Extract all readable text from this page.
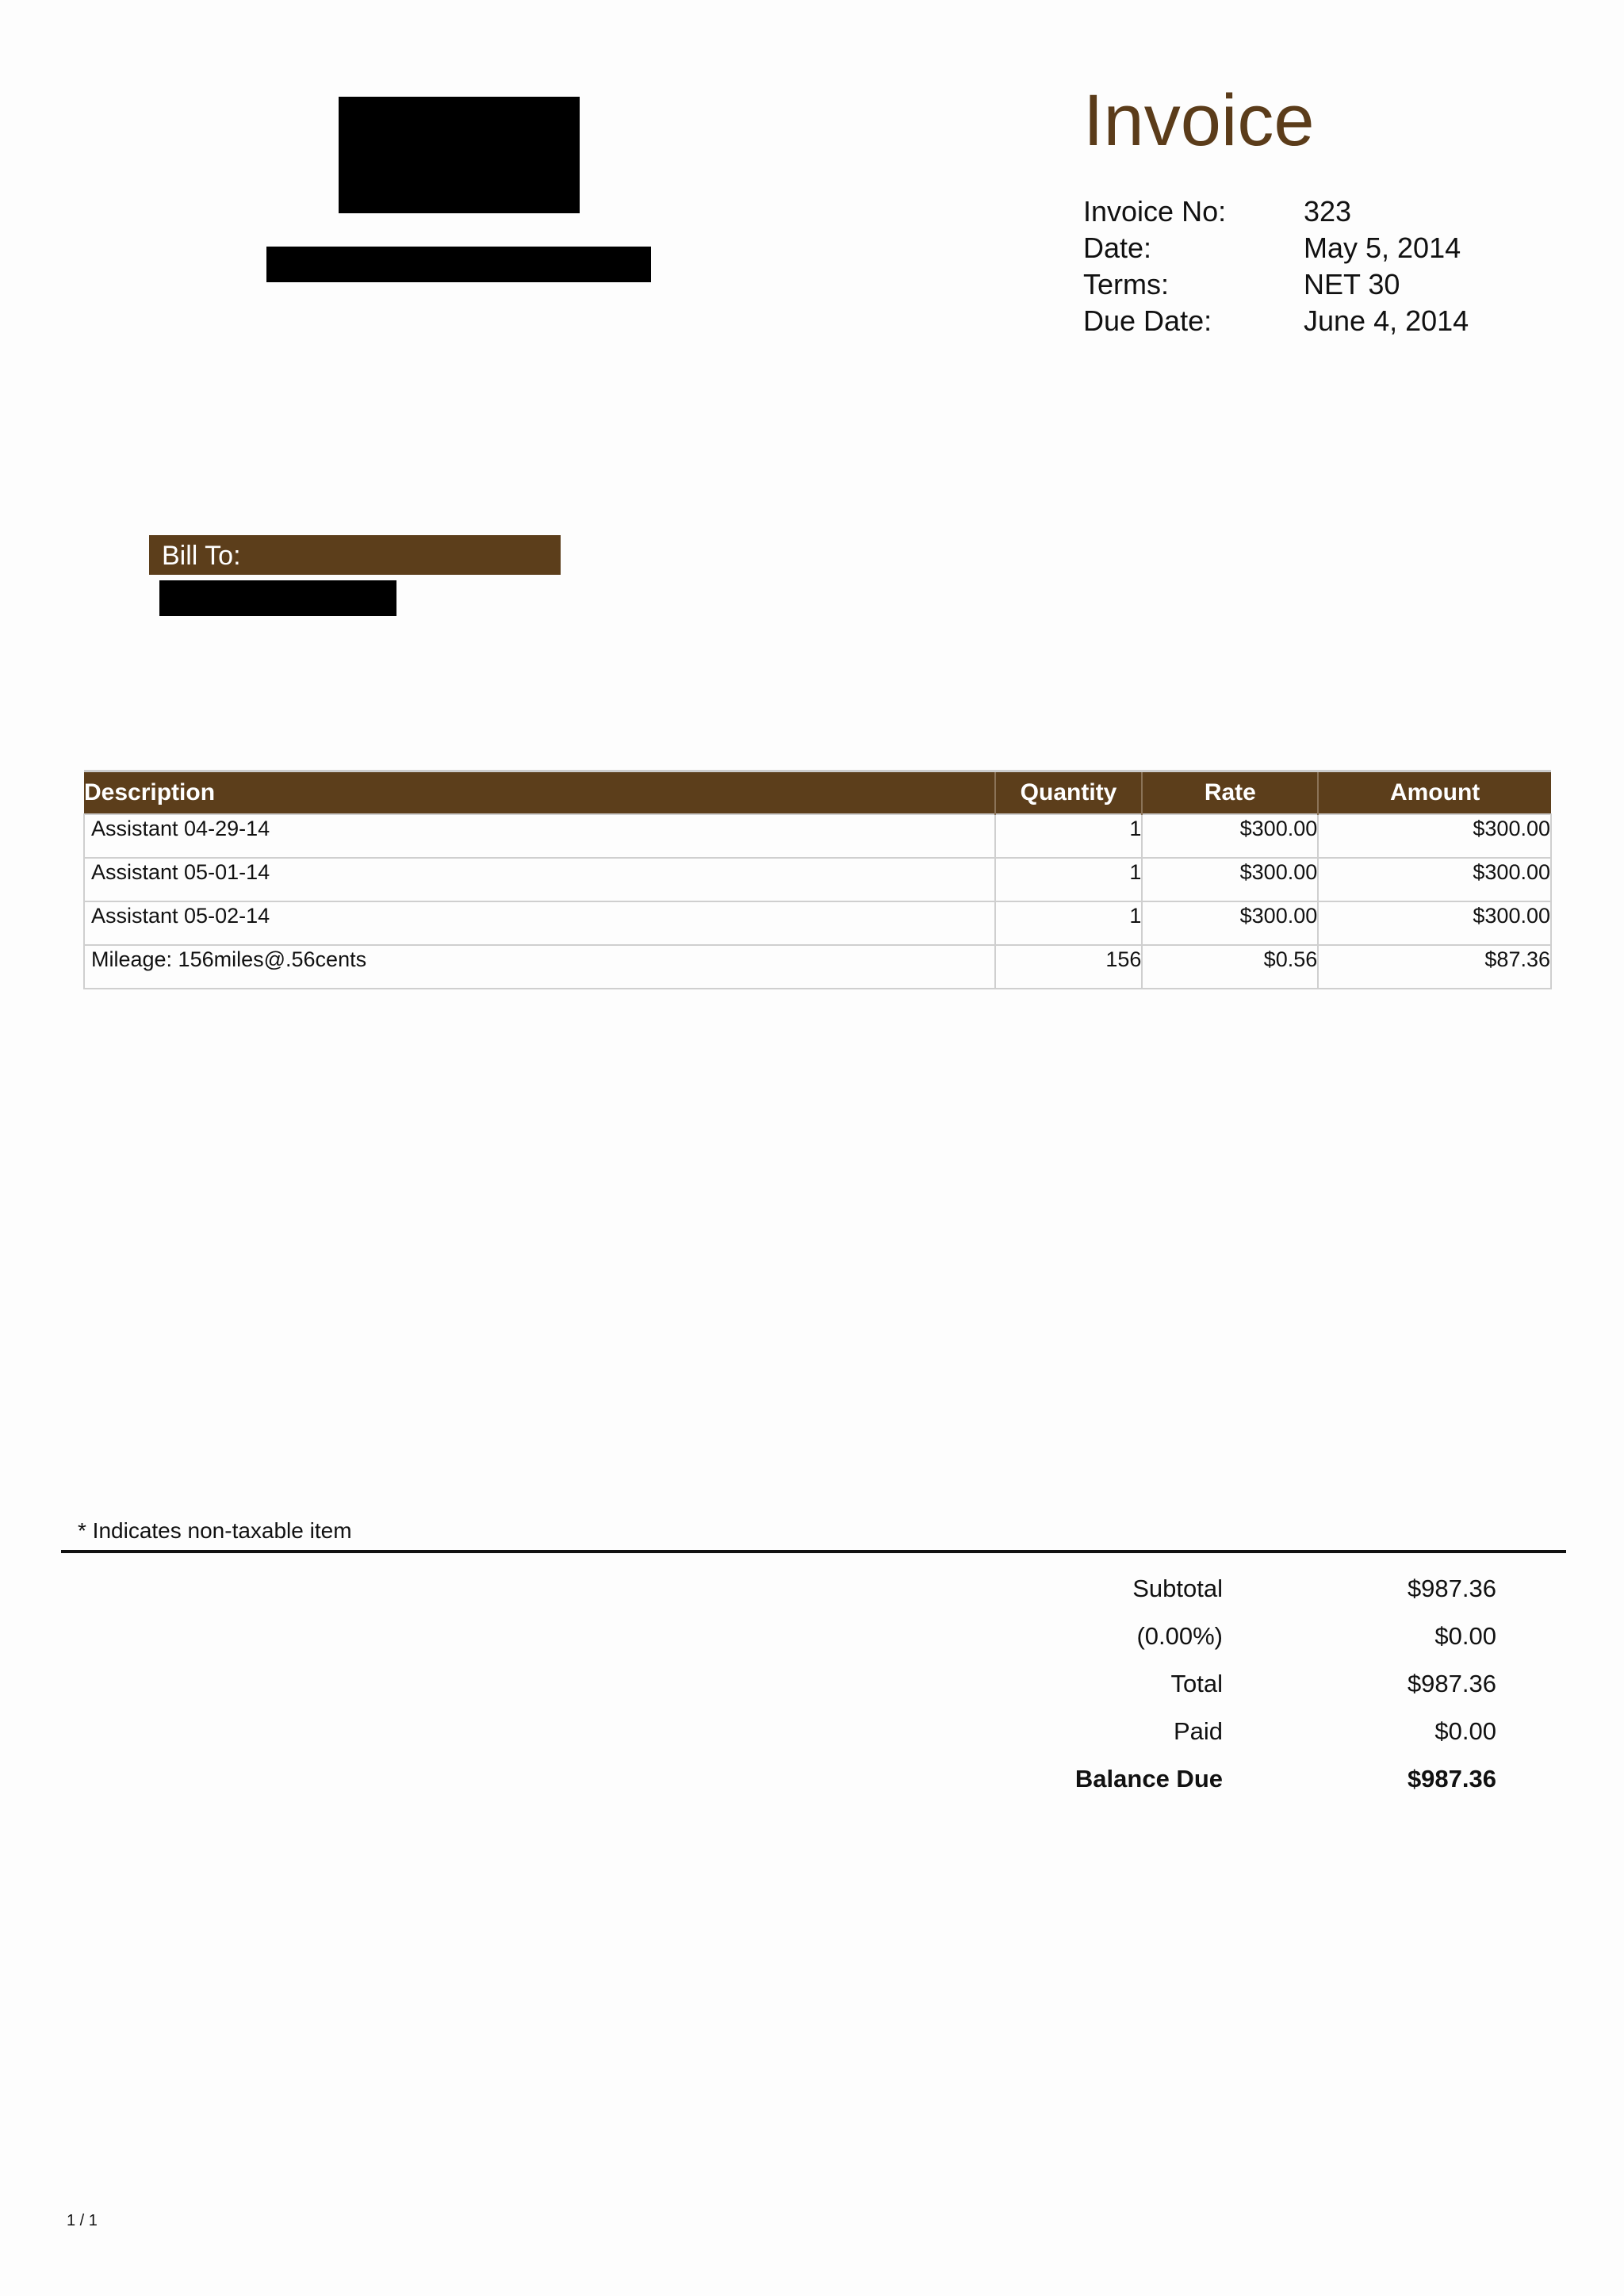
Invoice
Invoice No:	323
Date:	May 5, 2014
Terms:	NET 30
Due Date:	June 4, 2014
Bill To:
Description	Quantity	Rate	Amount
Assistant 04-29-14	1	$300.00	$300.00
Assistant 05-01-14	1	$300.00	$300.00
Assistant 05-02-14	1	$300.00	$300.00
Mileage: 156miles@.56cents	156	$0.56	$87.36
* Indicates non-taxable item
Subtotal	$987.36
(0.00%)	$0.00
Total	$987.36
Paid	$0.00
Balance Due	$987.36
1 / 1
